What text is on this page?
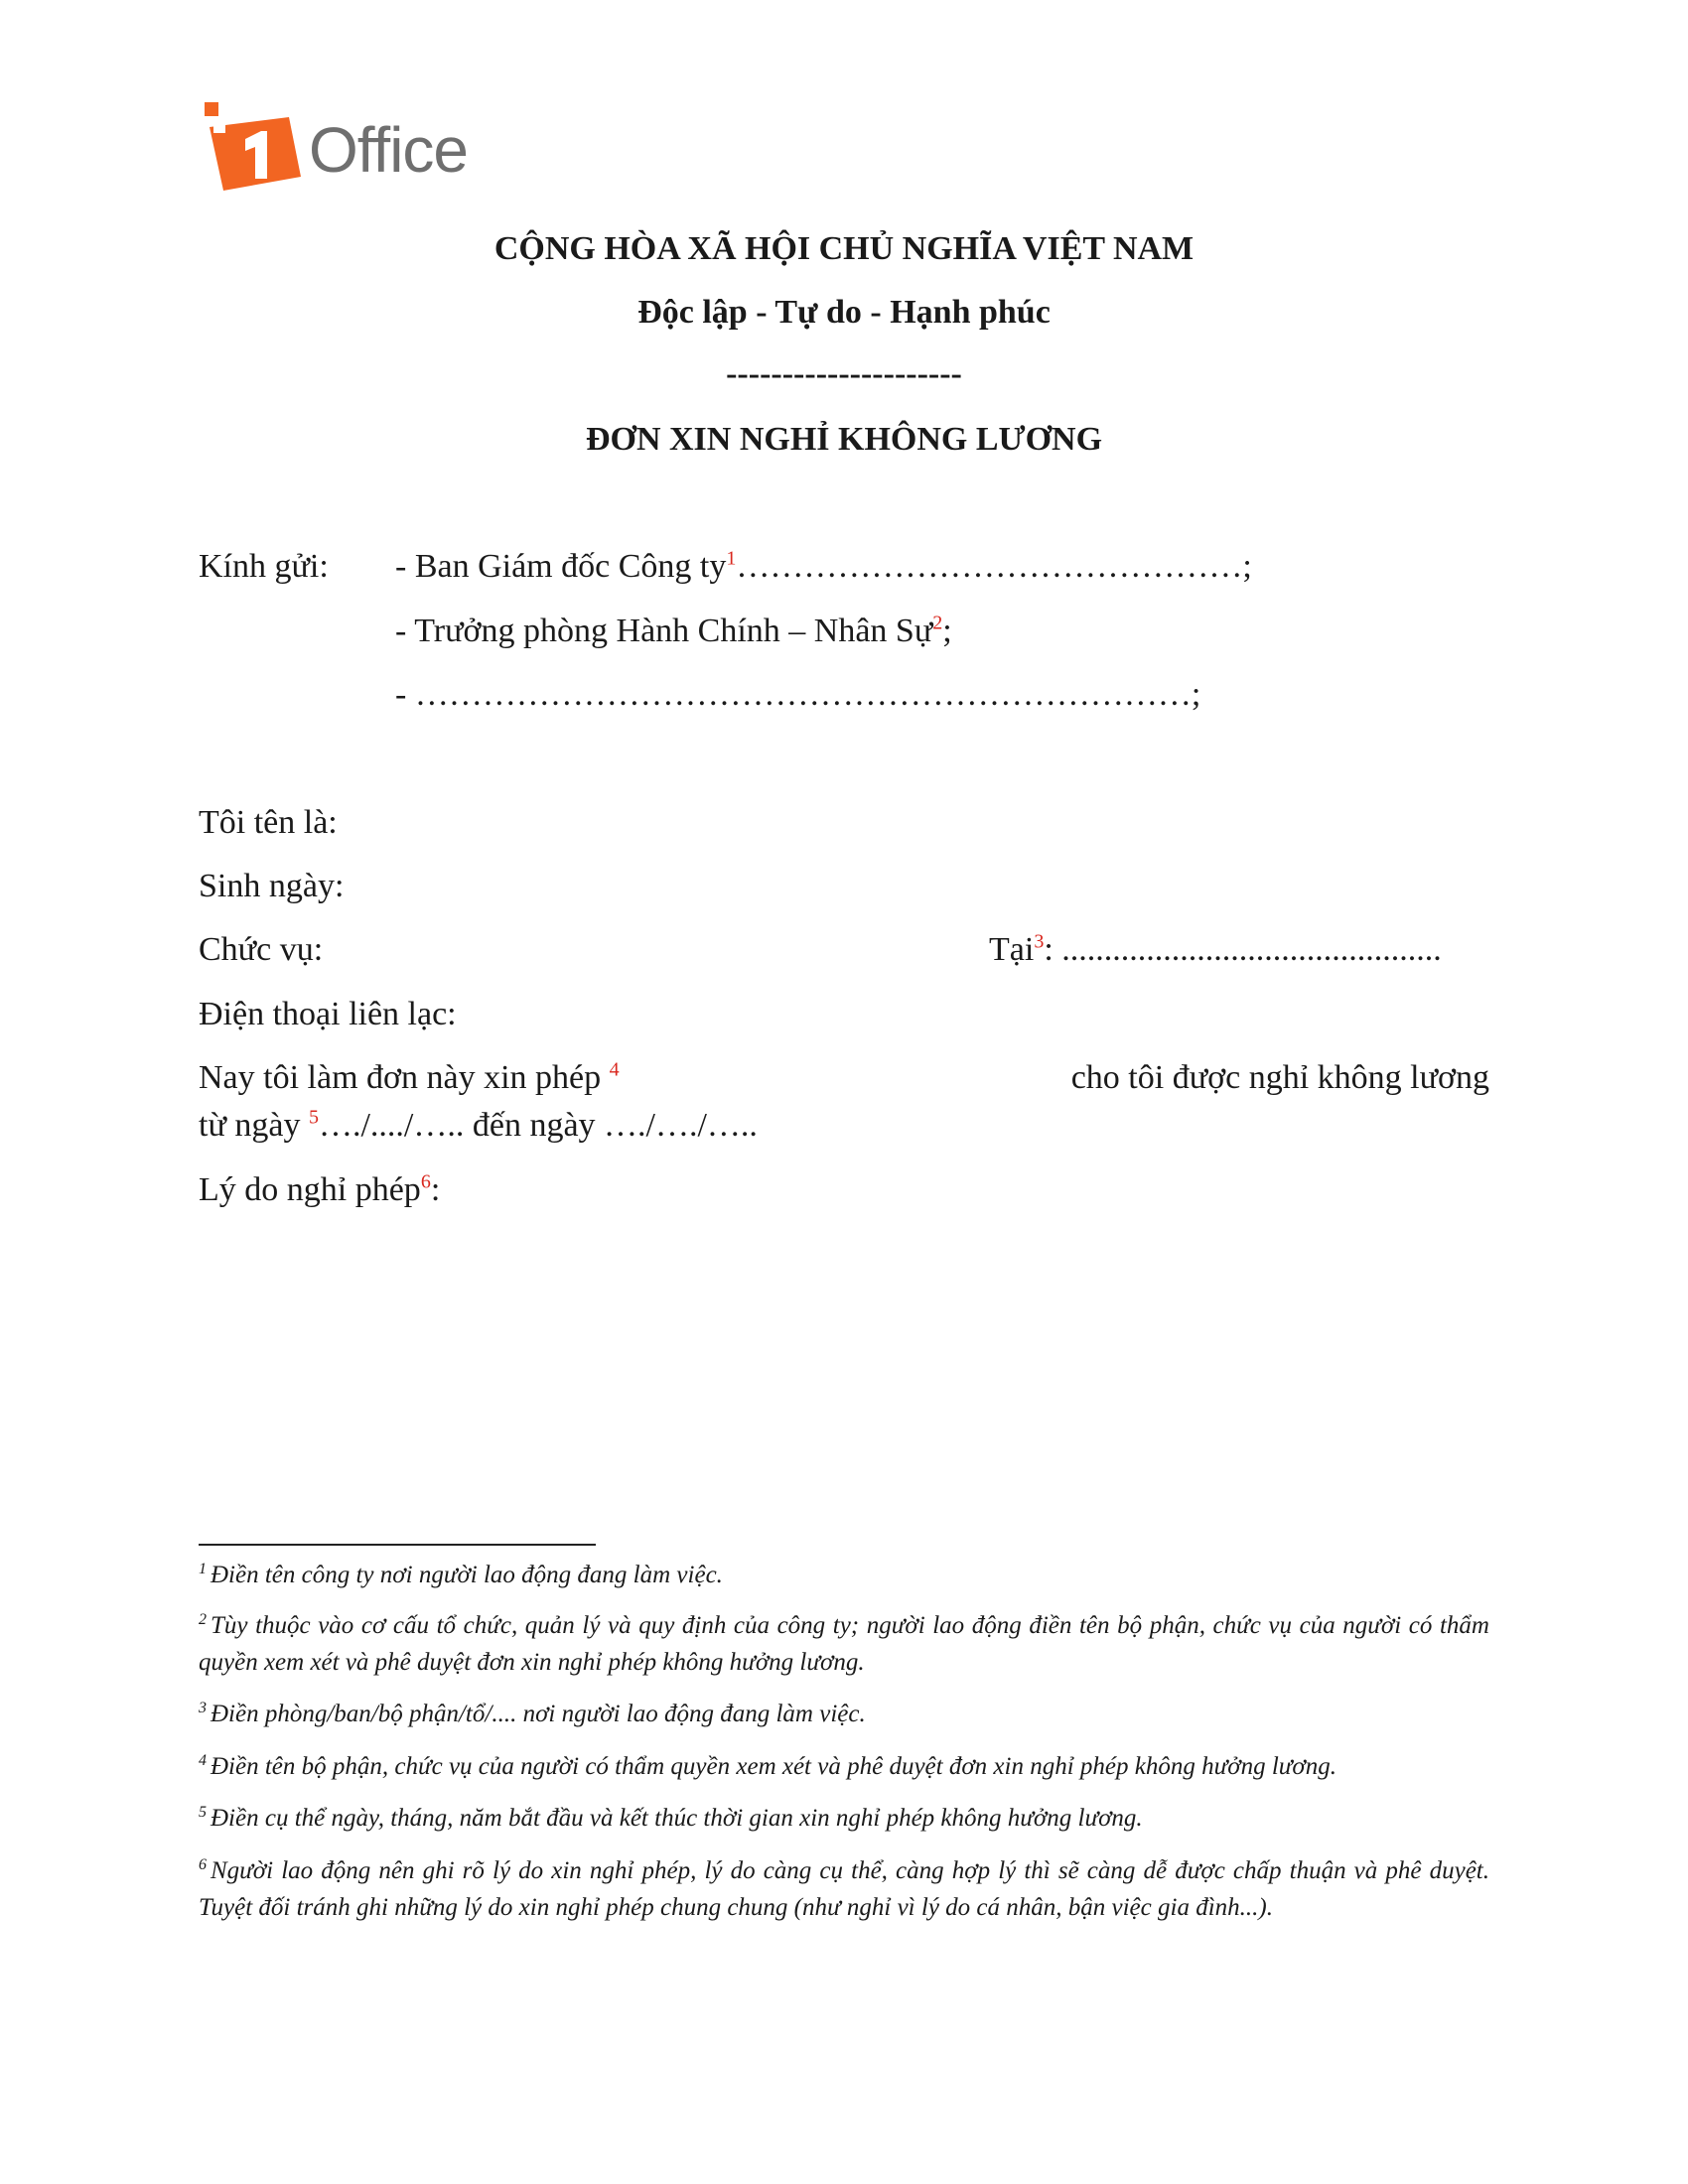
Office
CỘNG HÒA XÃ HỘI CHỦ NGHĨA VIỆT NAM
Độc lập - Tự do - Hạnh phúc
---------------------
ĐƠN XIN NGHỈ KHÔNG LƯƠNG
Kính gửi: - Ban Giám đốc Công ty$^1$………………………………………;
- Trưởng phòng Hành Chính – Nhân Sự$^2$;
- ……………………………………………………………;
Tôi tên là:
Sinh ngày:
Chức vụ:	Tại$^3$: .............................................
Điện thoại liên lạc:
Nay tôi làm đơn này xin phép $^4$	cho tôi được nghỉ không lương
từ ngày $^5$…./..../….. đến ngày …./…./…..
Lý do nghỉ phép$^6$:
$^1$ Điền tên công ty nơi người lao động đang làm việc.
$^2$ Tùy thuộc vào cơ cấu tổ chức, quản lý và quy định của công ty; người lao động điền tên bộ phận, chức vụ của người có thẩm quyền xem xét và phê duyệt đơn xin nghỉ phép không hưởng lương.
$^3$ Điền phòng/ban/bộ phận/tổ/.... nơi người lao động đang làm việc.
$^4$ Điền tên bộ phận, chức vụ của người có thẩm quyền xem xét và phê duyệt đơn xin nghỉ phép không hưởng lương.
$^5$ Điền cụ thể ngày, tháng, năm bắt đầu và kết thúc thời gian xin nghỉ phép không hưởng lương.
$^6$ Người lao động nên ghi rõ lý do xin nghỉ phép, lý do càng cụ thể, càng hợp lý thì sẽ càng dễ được chấp thuận và phê duyệt. Tuyệt đối tránh ghi những lý do xin nghỉ phép chung chung (như nghỉ vì lý do cá nhân, bận việc gia đình...).
